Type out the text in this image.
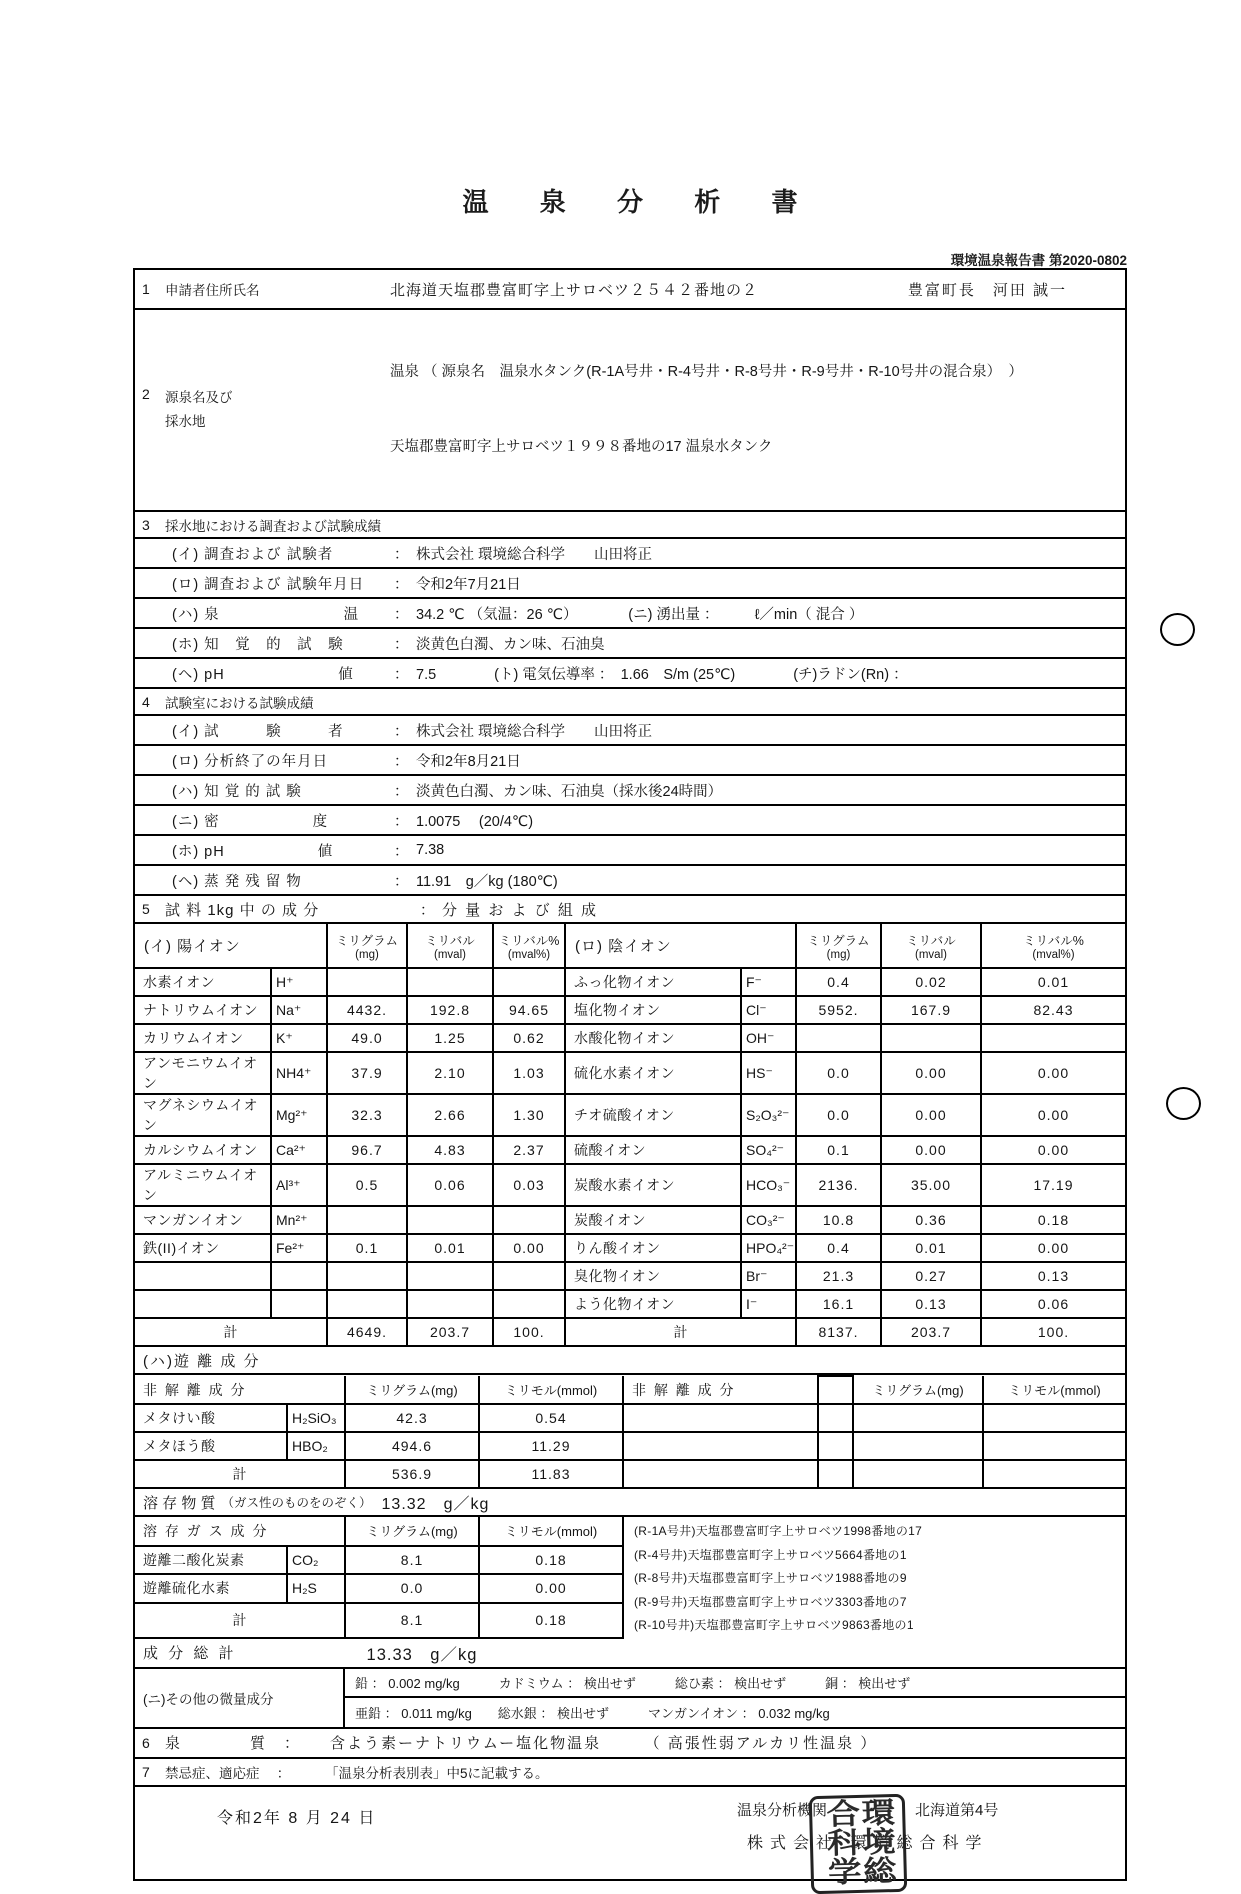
温 泉 分 析 書
環境温泉報告書 第2020-0802
1	申請者住所氏名	北海道天塩郡豊富町字上サロベツ２５４２番地の２	豊富町長　河田 誠一
2	源泉名及び
採水地

温泉 （ 源泉名　温泉水タンク(R-1A号井・R-4号井・R-8号井・R-9号井・R-10号井の混合泉）　）

天塩郡豊富町字上サロベツ１９９８番地の17 温泉水タンク

3	採水地における調査および試験成績
(イ) 調査および 試験者	： 株式会社 環境総合科学　　山田将正
(ロ) 調査および 試験年月日	： 令和2年7月21日
(ハ) 泉　　　　　　　　温	： 34.2 ℃ （気温：26 ℃）　　　　(ニ) 湧出量 ：　　　ℓ／min（ 混合 ）
(ホ) 知　覚　的　試　験	： 淡黄色白濁、カン味、石油臭
(ヘ) pH　　　　　　　 値	： 7.5　　　　(ト) 電気伝導率 ：　1.66　S/m (25℃)　　　　(チ)ラドン(Rn) ：
4	試験室における試験成績
(イ) 試　　　験　　　者	： 株式会社 環境総合科学　　山田将正
(ロ) 分析終了の年月日	： 令和2年8月21日
(ハ) 知 覚 的 試 験	： 淡黄色白濁、カン味、石油臭（採水後24時間）
(ニ) 密　　　　　　度	： 1.0075　 (20/4℃)
(ホ) pH　　　　　　値	： 7.38
(ヘ) 蒸 発 残 留 物	： 11.91　g／kg (180℃)
5	試 料 1kg 中 の 成 分	： 分 量 お よ び 組 成
(イ) 陽イオン	ミリグラム
(mg)

ミリバル
(mval)

ミリバル%
(mval%)	(ロ) 陰イオン	ミリグラム
(mg)

ミリバル
(mval)

ミリバル%
(mval%)

水素イオン	H⁺				ふっ化物イオン	F⁻	0.4	0.02	0.01
ナトリウムイオン	Na⁺	4432.	192.8	94.65	塩化物イオン	Cl⁻	5952.	167.9	82.43
カリウムイオン	K⁺	49.0	1.25	0.62	水酸化物イオン	OH⁻			
アンモニウムイオン	NH4⁺	37.9	2.10	1.03	硫化水素イオン	HS⁻	0.0	0.00	0.00
マグネシウムイオン	Mg²⁺	32.3	2.66	1.30	チオ硫酸イオン	S₂O₃²⁻	0.0	0.00	0.00
カルシウムイオン	Ca²⁺	96.7	4.83	2.37	硫酸イオン	SO₄²⁻	0.1	0.00	0.00
アルミニウムイオン	Al³⁺	0.5	0.06	0.03	炭酸水素イオン	HCO₃⁻	2136.	35.00	17.19
マンガンイオン	Mn²⁺				炭酸イオン	CO₃²⁻	10.8	0.36	0.18
鉄(II)イオン	Fe²⁺	0.1	0.01	0.00	りん酸イオン	HPO₄²⁻	0.4	0.01	0.00
					臭化物イオン	Br⁻	21.3	0.27	0.13
					よう化物イオン	I⁻	16.1	0.13	0.06
計		4649.	203.7	100.	計		8137.	203.7	100.
(ハ)遊 離 成 分
非 解 離 成 分		ミリグラム(mg)	ミリモル(mmol)	非 解 離 成 分		ミリグラム(mg)	ミリモル(mmol)
メタけい酸	H₂SiO₃	42.3	0.54				
メタほう酸	HBO₂	494.6	11.29				
計		536.9	11.83				
溶 存 物 質 （ガス性のものをのぞく） 13.32　g／kg
溶 存 ガ ス 成 分		ミリグラム(mg)	ミリモル(mmol)	(R-1A号井)天塩郡豊富町字上サロベツ1998番地の17
(R-4号井)天塩郡豊富町字上サロベツ5664番地の1
(R-8号井)天塩郡豊富町字上サロベツ1988番地の9
(R-9号井)天塩郡豊富町字上サロベツ3303番地の7
(R-10号井)天塩郡豊富町字上サロベツ9863番地の1

遊離二酸化炭素	CO₂	8.1	0.18	
遊離硫化水素	H₂S	0.0	0.00	
計		8.1	0.18	
成 分 総 計	13.33　g／kg
(ニ)その他の微量成分
鉛 ： 0.002 mg/kg　　　カドミウム ： 検出せず　　　総ひ素 ： 検出せず　　　銅 ： 検出せず
亜鉛 ： 0.011 mg/kg　　総水銀 ： 検出せず　　　マンガンイオン ： 0.032 mg/kg
6	泉　　　　質　：	含よう素ーナトリウムー塩化物温泉　　　（ 高張性弱アルカリ性温泉 ）
7	禁忌症、適応症　 ：	「温泉分析表別表」中5に記載する。
令和2年 8 月 24 日	温泉分析機関	北海道第4号
株式会社 環境総合科学
環境総合科学
